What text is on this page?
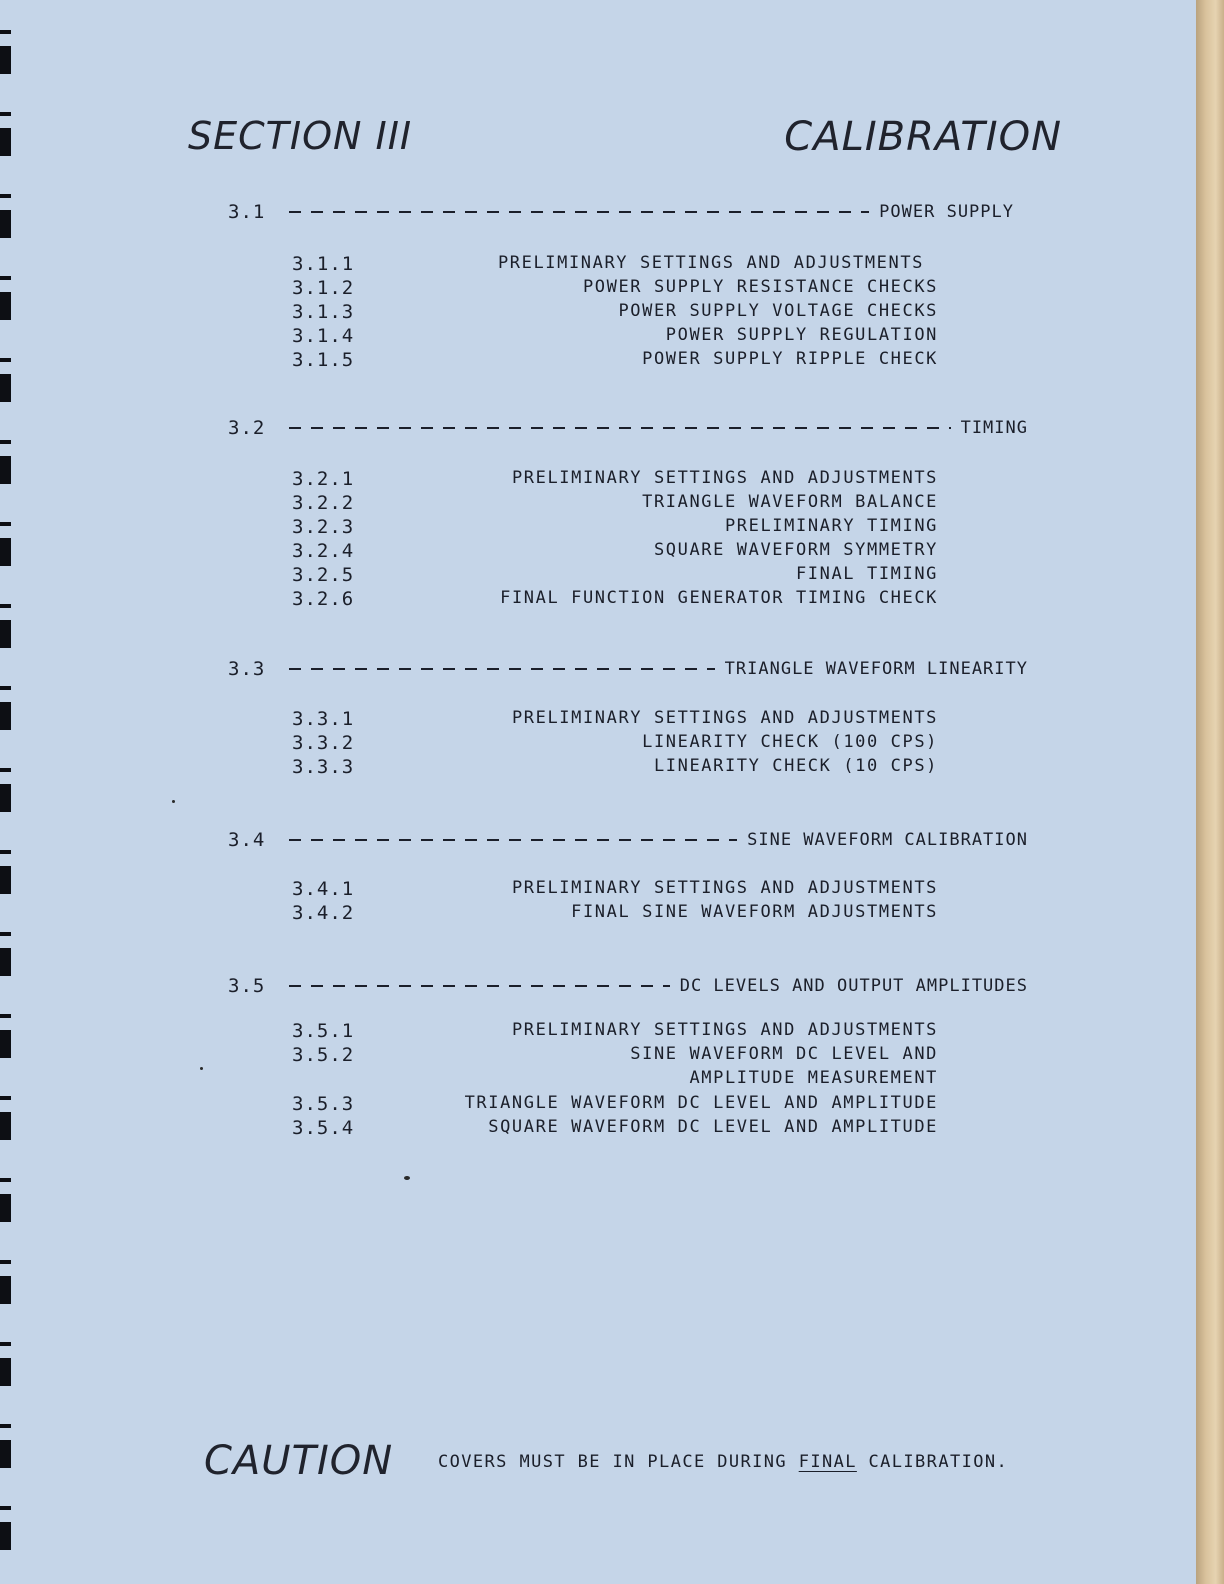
SECTION III	CALIBRATION
3.1	POWER SUPPLY
3.1.1	PRELIMINARY SETTINGS AND ADJUSTMENTS
3.1.2	POWER SUPPLY RESISTANCE CHECKS
3.1.3	POWER SUPPLY VOLTAGE CHECKS
3.1.4	POWER SUPPLY REGULATION
3.1.5	POWER SUPPLY RIPPLE CHECK
3.2	TIMING
3.2.1	PRELIMINARY SETTINGS AND ADJUSTMENTS
3.2.2	TRIANGLE WAVEFORM BALANCE
3.2.3	PRELIMINARY TIMING
3.2.4	SQUARE WAVEFORM SYMMETRY
3.2.5	FINAL TIMING
3.2.6	FINAL FUNCTION GENERATOR TIMING CHECK
3.3	TRIANGLE WAVEFORM LINEARITY
3.3.1	PRELIMINARY SETTINGS AND ADJUSTMENTS
3.3.2	LINEARITY CHECK (100 CPS)
3.3.3	LINEARITY CHECK (10 CPS)
3.4	SINE WAVEFORM CALIBRATION
3.4.1	PRELIMINARY SETTINGS AND ADJUSTMENTS
3.4.2	FINAL SINE WAVEFORM ADJUSTMENTS
3.5	DC LEVELS AND OUTPUT AMPLITUDES
3.5.1	PRELIMINARY SETTINGS AND ADJUSTMENTS
3.5.2	SINE WAVEFORM DC LEVEL AND
AMPLITUDE MEASUREMENT
3.5.3	TRIANGLE WAVEFORM DC LEVEL AND AMPLITUDE
3.5.4	SQUARE WAVEFORM DC LEVEL AND AMPLITUDE
CAUTION	COVERS MUST BE IN PLACE DURING FINAL CALIBRATION.
